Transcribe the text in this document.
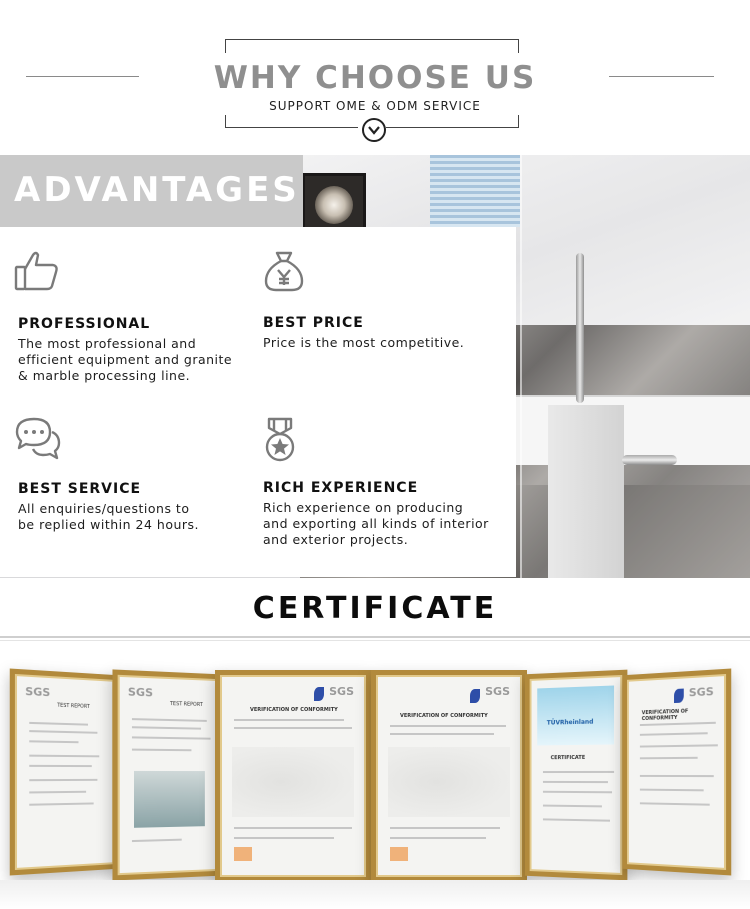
WHY CHOOSE US
SUPPORT OME & ODM SERVICE
ADVANTAGES
PROFESSIONAL
The most professional and
efficient equipment and granite
& marble processing line.
BEST PRICE
Price is the most competitive.
BEST SERVICE
All enquiries/questions to
be replied within 24 hours.
RICH EXPERIENCE
Rich experience on producing
and exporting all kinds of interior
and exterior projects.
CERTIFICATE
SGS
TEST REPORT
SGS
TEST REPORT
SGS
VERIFICATION OF CONFORMITY
SGS
VERIFICATION OF CONFORMITY
TÜVRheinland
CERTIFICATE
SGS
VERIFICATION OF CONFORMITY
